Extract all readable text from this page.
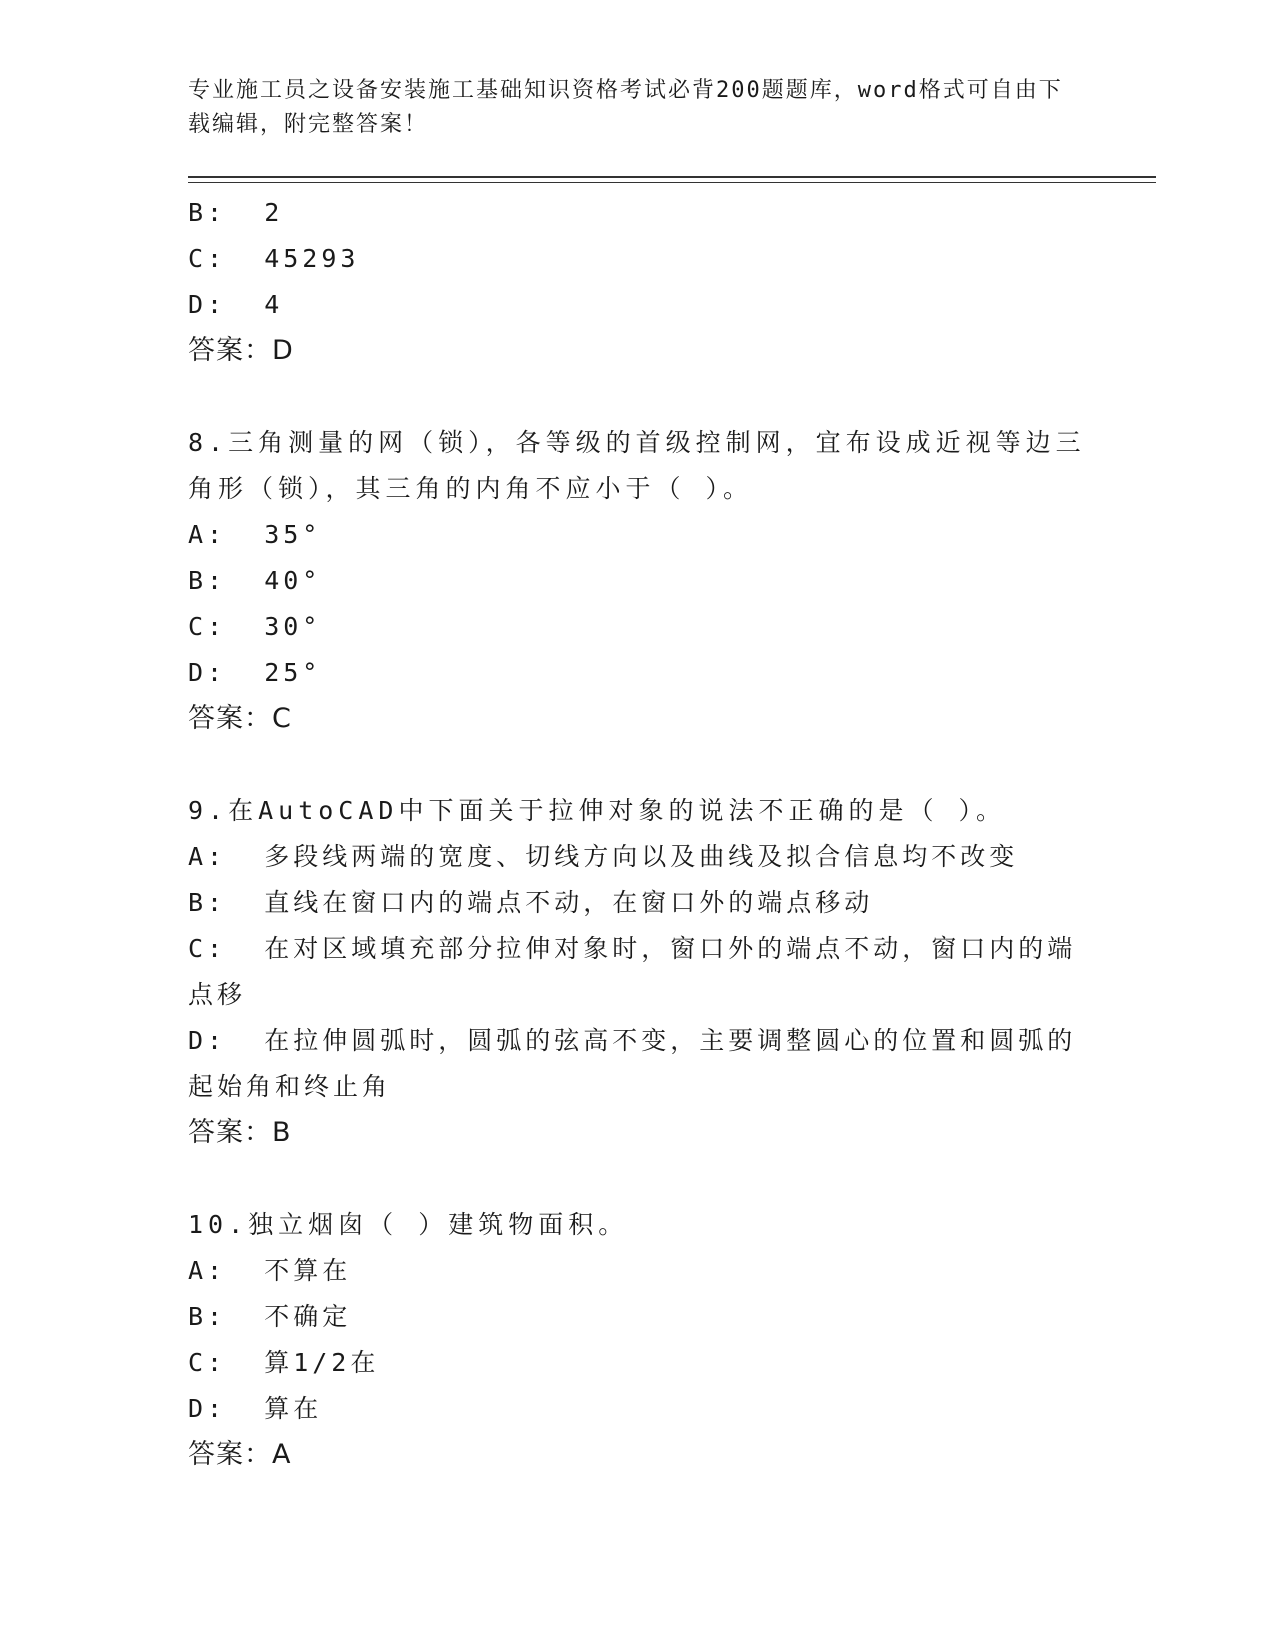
专业施工员之设备安装施工基础知识资格考试必背200题题库，word格式可自由下载编辑，附完整答案！
B:  2
C:  45293
D:  4
答案：D
8.三角测量的网（锁），各等级的首级控制网，宜布设成近视等边三角形（锁），其三角的内角不应小于（ ）。
A:  35°
B:  40°
C:  30°
D:  25°
答案：C
9.在AutoCAD中下面关于拉伸对象的说法不正确的是（ ）。
A:  多段线两端的宽度、切线方向以及曲线及拟合信息均不改变
B:  直线在窗口内的端点不动，在窗口外的端点移动
C:  在对区域填充部分拉伸对象时，窗口外的端点不动，窗口内的端点移
D:  在拉伸圆弧时，圆弧的弦高不变，主要调整圆心的位置和圆弧的起始角和终止角
答案：B
10.独立烟囱（ ）建筑物面积。
A:  不算在
B:  不确定
C:  算1/2在
D:  算在
答案：A
